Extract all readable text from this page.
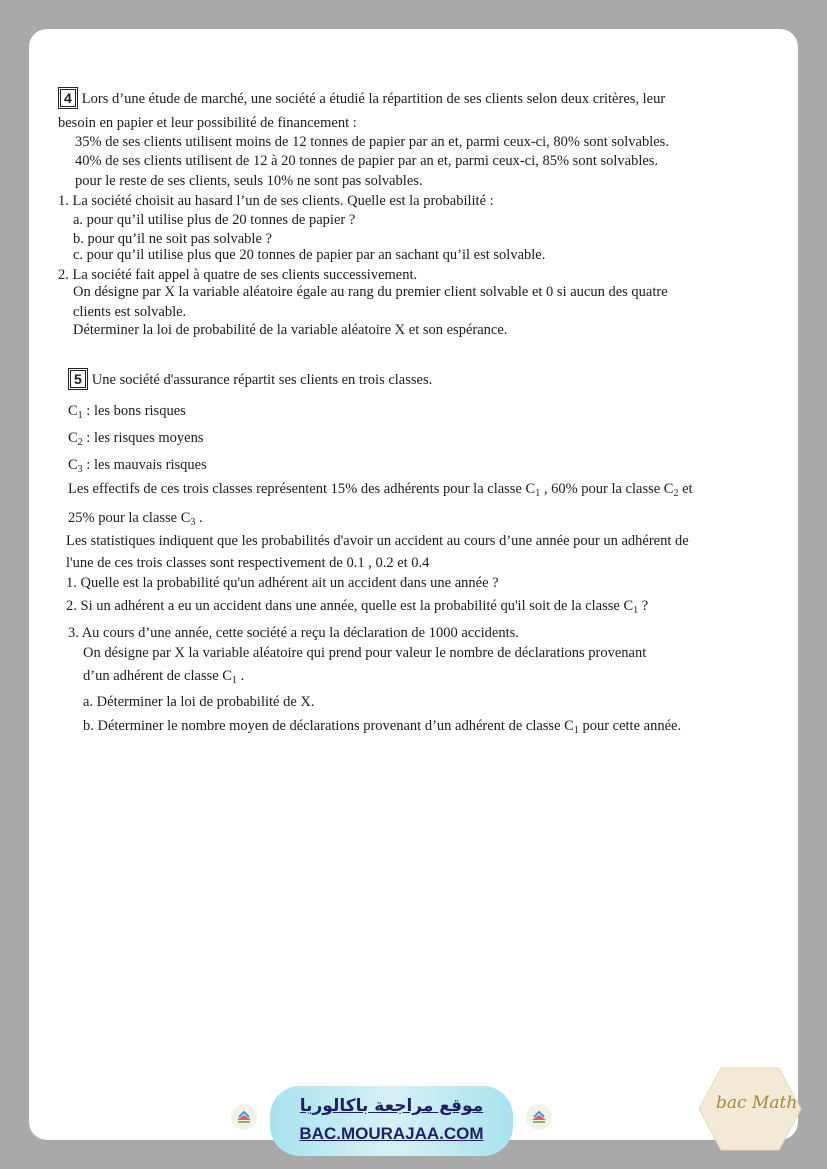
4 Lors d’une étude de marché, une société a étudié la répartition de ses clients selon deux critères, leur
besoin en papier et leur possibilité de financement :
35% de ses clients utilisent moins de 12 tonnes de papier par an et, parmi ceux-ci, 80% sont solvables.
40% de ses clients utilisent de 12 à 20 tonnes de papier par an et, parmi ceux-ci, 85% sont solvables.
pour le reste de ses clients, seuls 10% ne sont pas solvables.
1. La société choisit au hasard l’un de ses clients. Quelle est la probabilité :
a. pour qu’il utilise plus de 20 tonnes de papier ?
b. pour qu’il ne soit pas solvable ?
c. pour qu’il utilise plus que 20 tonnes de papier par an sachant qu’il est solvable.
2. La société fait appel à quatre de ses clients successivement.
On désigne par X la variable aléatoire égale au rang du premier client solvable et 0 si aucun des quatre
clients est solvable.
Déterminer la loi de probabilité de la variable aléatoire X et son espérance.
5 Une société d'assurance répartit ses clients en trois classes.
$C_1$ : les bons risques
$C_2$ : les risques moyens
$C_3$ : les mauvais risques
Les effectifs de ces trois classes représentent 15% des adhérents pour la classe $C_1$ , 60% pour la classe $C_2$ et
25% pour la classe $C_3$ .
Les statistiques indiquent que les probabilités d'avoir un accident au cours d’une année pour un adhérent de
l'une de ces trois classes sont respectivement de 0.1 , 0.2 et 0.4
1. Quelle est la probabilité qu'un adhérent ait un accident dans une année ?
2. Si un adhérent a eu un accident dans une année, quelle est la probabilité qu'il soit de la classe $C_1$ ?
3. Au cours d’une année, cette société a reçu la déclaration de 1000 accidents.
On désigne par X la variable aléatoire qui prend pour valeur le nombre de déclarations provenant
d’un adhérent de classe $C_1$ .
a. Déterminer la loi de probabilité de X.
b. Déterminer le nombre moyen de déclarations provenant d’un adhérent de classe $C_1$ pour cette année.
موقع مراجعة باكالوريا
BAC.MOURAJAA.COM
bac Math
